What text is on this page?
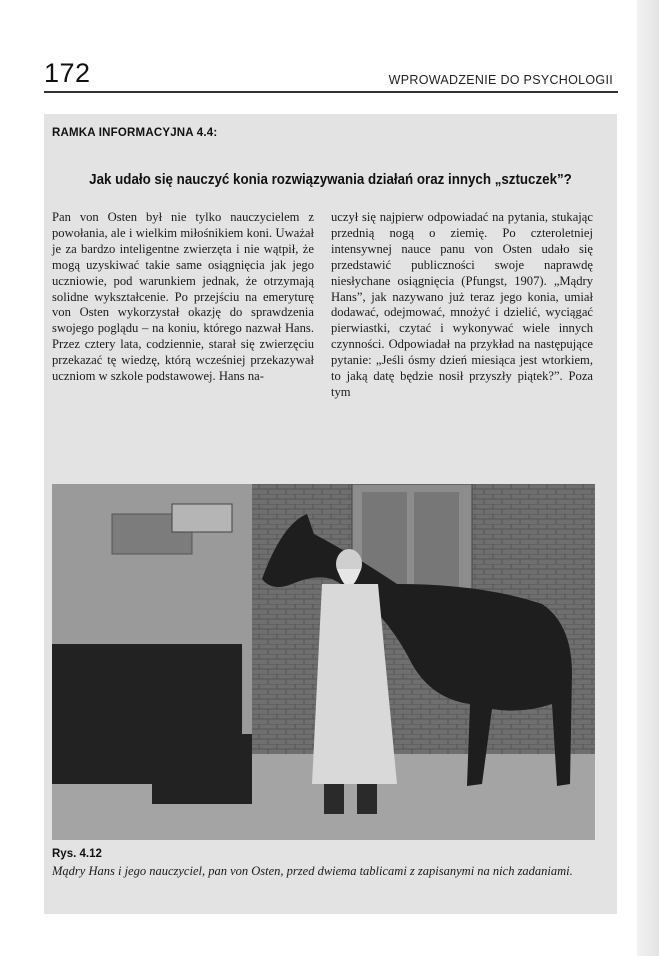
172	WPROWADZENIE DO PSYCHOLOGII
RAMKA INFORMACYJNA 4.4:
Jak udało się nauczyć konia rozwiązywania działań oraz innych „sztuczek”?

Pan von Osten był nie tylko nauczycielem z powołania, ale i wielkim miłośnikiem koni. Uważał je za bardzo inteligentne zwierzęta i nie wątpił, że mogą uzyskiwać takie same osiągnięcia jak jego uczniowie, pod warunkiem jednak, że otrzymają solidne wykształcenie. Po przejściu na emeryturę von Osten wykorzystał okazję do sprawdzenia swojego poglądu – na koniu, którego nazwał Hans. Przez cztery lata, codziennie, starał się zwierzęciu przekazać tę wiedzę, którą wcześniej przekazywał uczniom w szkole podstawowej. Hans na-

uczył się najpierw odpowiadać na pytania, stukając przednią nogą o ziemię. Po czteroletniej intensywnej nauce panu von Osten udało się przedstawić publiczności swoje naprawdę niesłychane osiągnięcia (Pfungst, 1907). „Mądry Hans”, jak nazywano już teraz jego konia, umiał dodawać, odejmować, mnożyć i dzielić, wyciągać pierwiastki, czytać i wykonywać wiele innych czynności. Odpowiadał na przykład na następujące pytanie: „Jeśli ósmy dzień miesiąca jest wtorkiem, to jaką datę będzie nosił przyszły piątek?”. Poza tym

Rys. 4.12
Mądry Hans i jego nauczyciel, pan von Osten, przed dwiema tablicami z zapisanymi na nich zadaniami.
